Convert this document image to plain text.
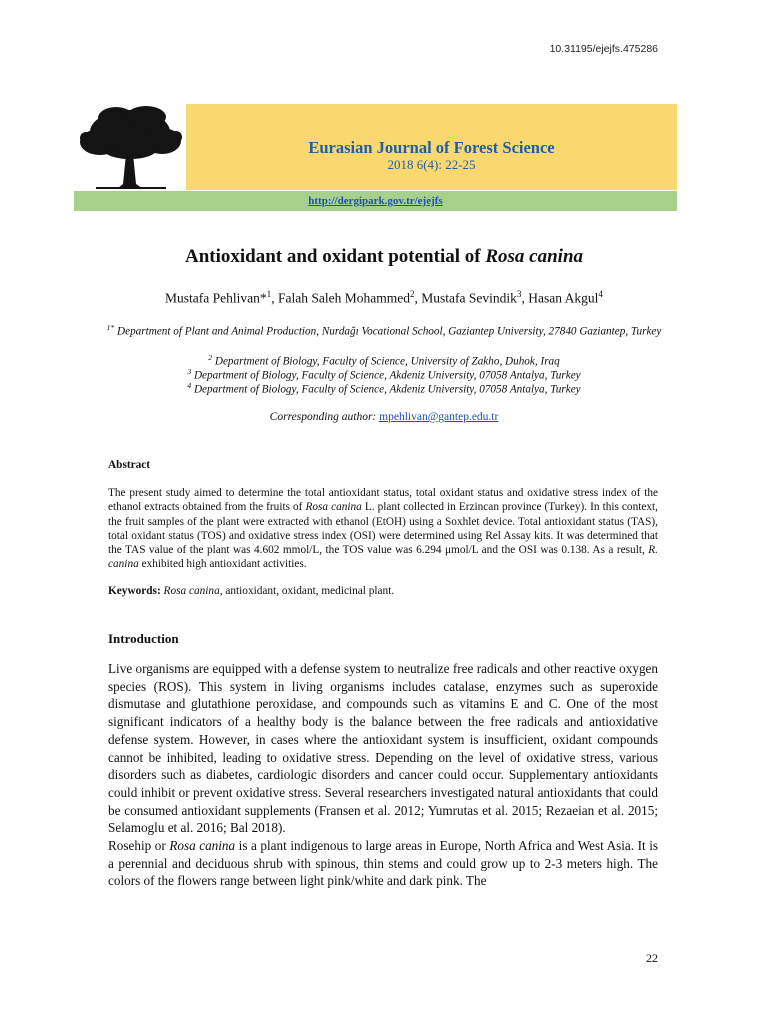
10.31195/ejejfs.475286
Eurasian Journal of Forest Science
2018 6(4): 22-25
http://dergipark.gov.tr/ejejfs
Antioxidant and oxidant potential of Rosa canina
Mustafa Pehlivan*$^1$, Falah Saleh Mohammed$^2$, Mustafa Sevindik$^3$, Hasan Akgul$^4$
$^{1*}$ Department of Plant and Animal Production, Nurdağı Vocational School, Gaziantep University, 27840 Gaziantep, Turkey
$^2$ Department of Biology, Faculty of Science, University of Zakho, Duhok, Iraq
$^3$ Department of Biology, Faculty of Science, Akdeniz University, 07058 Antalya, Turkey
$^4$ Department of Biology, Faculty of Science, Akdeniz University, 07058 Antalya, Turkey
Corresponding author: mpehlivan@gantep.edu.tr
Abstract
The present study aimed to determine the total antioxidant status, total oxidant status and oxidative stress index of the ethanol extracts obtained from the fruits of Rosa canina L. plant collected in Erzincan province (Turkey). In this context, the fruit samples of the plant were extracted with ethanol (EtOH) using a Soxhlet device. Total antioxidant status (TAS), total oxidant status (TOS) and oxidative stress index (OSI) were determined using Rel Assay kits. It was determined that the TAS value of the plant was 4.602 mmol/L, the TOS value was 6.294 μmol/L and the OSI was 0.138. As a result, R. canina exhibited high antioxidant activities.
Keywords: Rosa canina, antioxidant, oxidant, medicinal plant.
Introduction

Live organisms are equipped with a defense system to neutralize free radicals and other reactive oxygen species (ROS). This system in living organisms includes catalase, enzymes such as superoxide dismutase and glutathione peroxidase, and compounds such as vitamins E and C. One of the most significant indicators of a healthy body is the balance between the free radicals and antioxidative defense system. However, in cases where the antioxidant system is insufficient, oxidant compounds cannot be inhibited, leading to oxidative stress. Depending on the level of oxidative stress, various disorders such as diabetes, cardiologic disorders and cancer could occur. Supplementary antioxidants could inhibit or prevent oxidative stress. Several researchers investigated natural antioxidants that could be consumed antioxidant supplements (Fransen et al. 2012; Yumrutas et al. 2015; Rezaeian et al. 2015; Selamoglu et al. 2016; Bal 2018).

Rosehip or Rosa canina is a plant indigenous to large areas in Europe, North Africa and West Asia. It is a perennial and deciduous shrub with spinous, thin stems and could grow up to 2-3 meters high. The colors of the flowers range between light pink/white and dark pink. The

22
